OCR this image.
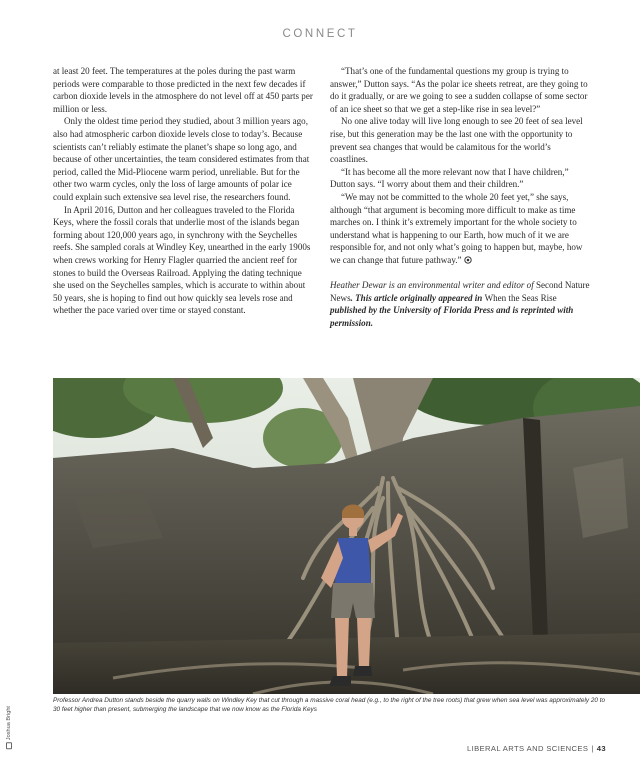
CONNECT

at least 20 feet. The temperatures at the poles during the past warm periods were comparable to those predicted in the next few decades if carbon dioxide levels in the atmosphere do not level off at 450 parts per million or less.

Only the oldest time period they studied, about 3 million years ago, also had atmospheric carbon dioxide levels close to today’s. Because scientists can’t reliably estimate the planet’s shape so long ago, and because of other uncertainties, the team considered estimates from that period, called the Mid-Pliocene warm period, unreliable. But for the other two warm cycles, only the loss of large amounts of polar ice could explain such extensive sea level rise, the researchers found.

In April 2016, Dutton and her colleagues traveled to the Florida Keys, where the fossil corals that underlie most of the islands began forming about 120,000 years ago, in synchrony with the Seychelles reefs. She sampled corals at Windley Key, unearthed in the early 1900s when crews working for Henry Flagler quarried the ancient reef for stones to build the Overseas Railroad. Applying the dating technique she used on the Seychelles samples, which is accurate to within about 50 years, she is hoping to find out how quickly sea levels rose and whether the pace varied over time or stayed constant.

“That’s one of the fundamental questions my group is trying to answer,” Dutton says. “As the polar ice sheets retreat, are they going to do it gradually, or are we going to see a sudden collapse of some sector of an ice sheet so that we get a step-like rise in sea level?”

No one alive today will live long enough to see 20 feet of sea level rise, but this generation may be the last one with the opportunity to prevent sea changes that would be calamitous for the world’s coastlines.

“It has become all the more relevant now that I have children,” Dutton says. “I worry about them and their children.”

“We may not be committed to the whole 20 feet yet,” she says, although “that argument is becoming more difficult to make as time marches on. I think it’s extremely important for the whole society to understand what is happening to our Earth, how much of it we are responsible for, and not only what’s going to happen but, maybe, how we can change that future pathway.”

Heather Dewar is an environmental writer and editor of Second Nature News. This article originally appeared in When the Seas Rise published by the University of Florida Press and is reprinted with permission.

Joshua Bright
Professor Andrea Dutton stands beside the quarry walls on Windley Key that cut through a massive coral head (e.g., to the right of the tree roots) that grew when sea level was approximately 20 to 30 feet higher than present, submerging the landscape that we now know as the Florida Keys
LIBERAL ARTS AND SCIENCES | 43
